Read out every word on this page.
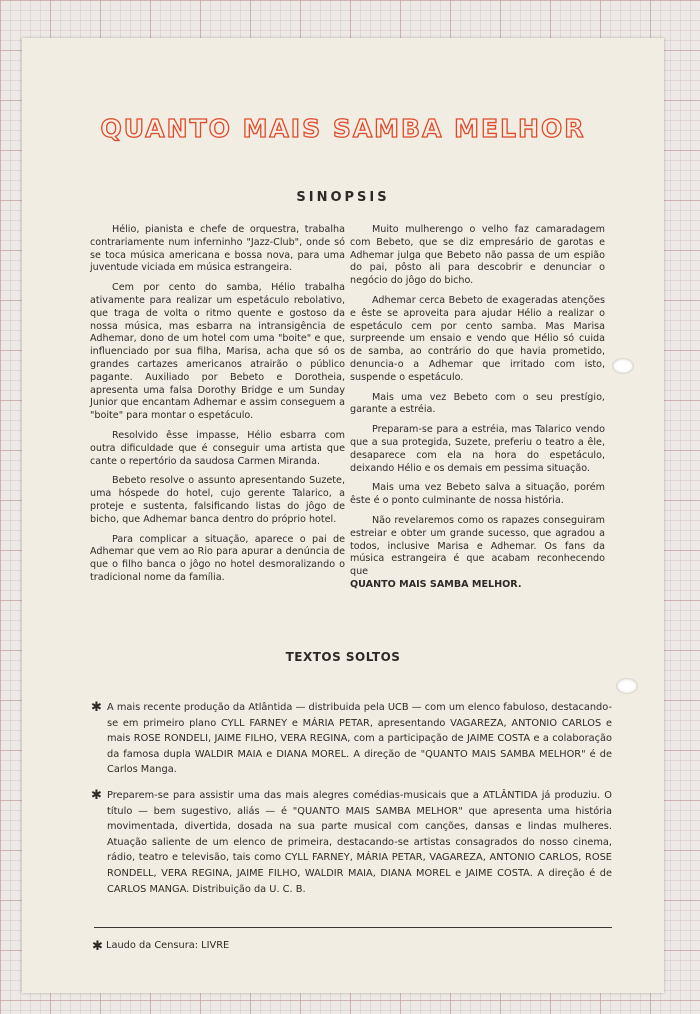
QUANTO MAIS SAMBA MELHOR
SINOPSIS

Hélio, pianista e chefe de orquestra, trabalha contrariamente num inferninho "Jazz-Club", onde só se toca música americana e bossa nova, para uma juventude viciada em música estrangeira.

Cem por cento do samba, Hélio trabalha ativamente para realizar um espetáculo rebolativo, que traga de volta o ritmo quente e gostoso da nossa música, mas esbarra na intransigência de Adhemar, dono de um hotel com uma "boite" e que, influenciado por sua filha, Marisa, acha que só os grandes cartazes americanos atrairão o público pagante. Auxiliado por Bebeto e Dorotheia, apresenta uma falsa Dorothy Bridge e um Sunday Junior que encantam Adhemar e assim conseguem a "boite" para montar o espetáculo.

Resolvido êsse impasse, Hélio esbarra com outra dificuldade que é conseguir uma artista que cante o repertório da saudosa Carmen Miranda.

Bebeto resolve o assunto apresentando Suzete, uma hóspede do hotel, cujo gerente Talarico, a proteje e sustenta, falsificando listas do jôgo de bicho, que Adhemar banca dentro do próprio hotel.

Para complicar a situação, aparece o pai de Adhemar que vem ao Rio para apurar a denúncia de que o filho banca o jôgo no hotel desmoralizando o tradicional nome da família.

Muito mulherengo o velho faz camaradagem com Bebeto, que se diz empresário de garotas e Adhemar julga que Bebeto não passa de um espião do pai, pôsto ali para descobrir e denunciar o negócio do jôgo do bicho.

Adhemar cerca Bebeto de exageradas atenções e êste se aproveita para ajudar Hélio a realizar o espetáculo cem por cento samba. Mas Marisa surpreende um ensaio e vendo que Hélio só cuida de samba, ao contrário do que havia prometido, denuncia-o a Adhemar que irritado com isto, suspende o espetáculo.

Mais uma vez Bebeto com o seu prestígio, garante a estréia.

Preparam-se para a estréia, mas Talarico vendo que a sua protegida, Suzete, preferiu o teatro a êle, desaparece com ela na hora do espetáculo, deixando Hélio e os demais em pessima situação.

Mais uma vez Bebeto salva a situação, porém êste é o ponto culminante de nossa história.

Não revelaremos como os rapazes conseguiram estreiar e obter um grande sucesso, que agradou a todos, inclusive Marisa e Adhemar. Os fans da música estrangeira é que acabam reconhecendo que

QUANTO MAIS SAMBA MELHOR.

TEXTOS SOLTOS
✱ A mais recente produção da Atlântida — distribuida pela UCB — com um elenco fabuloso, destacando-se em primeiro plano CYLL FARNEY e MÁRIA PETAR, apresentando VAGAREZA, ANTONIO CARLOS e mais ROSE RONDELI, JAIME FILHO, VERA REGINA, com a participação de JAIME COSTA e a colaboração da famosa dupla WALDIR MAIA e DIANA MOREL. A direção de "QUANTO MAIS SAMBA MELHOR" é de Carlos Manga.
✱ Preparem-se para assistir uma das mais alegres comédias-musicais que a ATLÂNTIDA já produziu. O título — bem sugestivo, aliás — é "QUANTO MAIS SAMBA MELHOR" que apresenta uma história movimentada, divertida, dosada na sua parte musical com canções, dansas e lindas mulheres. Atuação saliente de um elenco de primeira, destacando-se artistas consagrados do nosso cinema, rádio, teatro e televisão, tais como CYLL FARNEY, MÁRIA PETAR, VAGAREZA, ANTONIO CARLOS, ROSE RONDELL, VERA REGINA, JAIME FILHO, WALDIR MAIA, DIANA MOREL e JAIME COSTA. A direção é de CARLOS MANGA. Distribuição da U. C. B.
✱ Laudo da Censura: LIVRE
